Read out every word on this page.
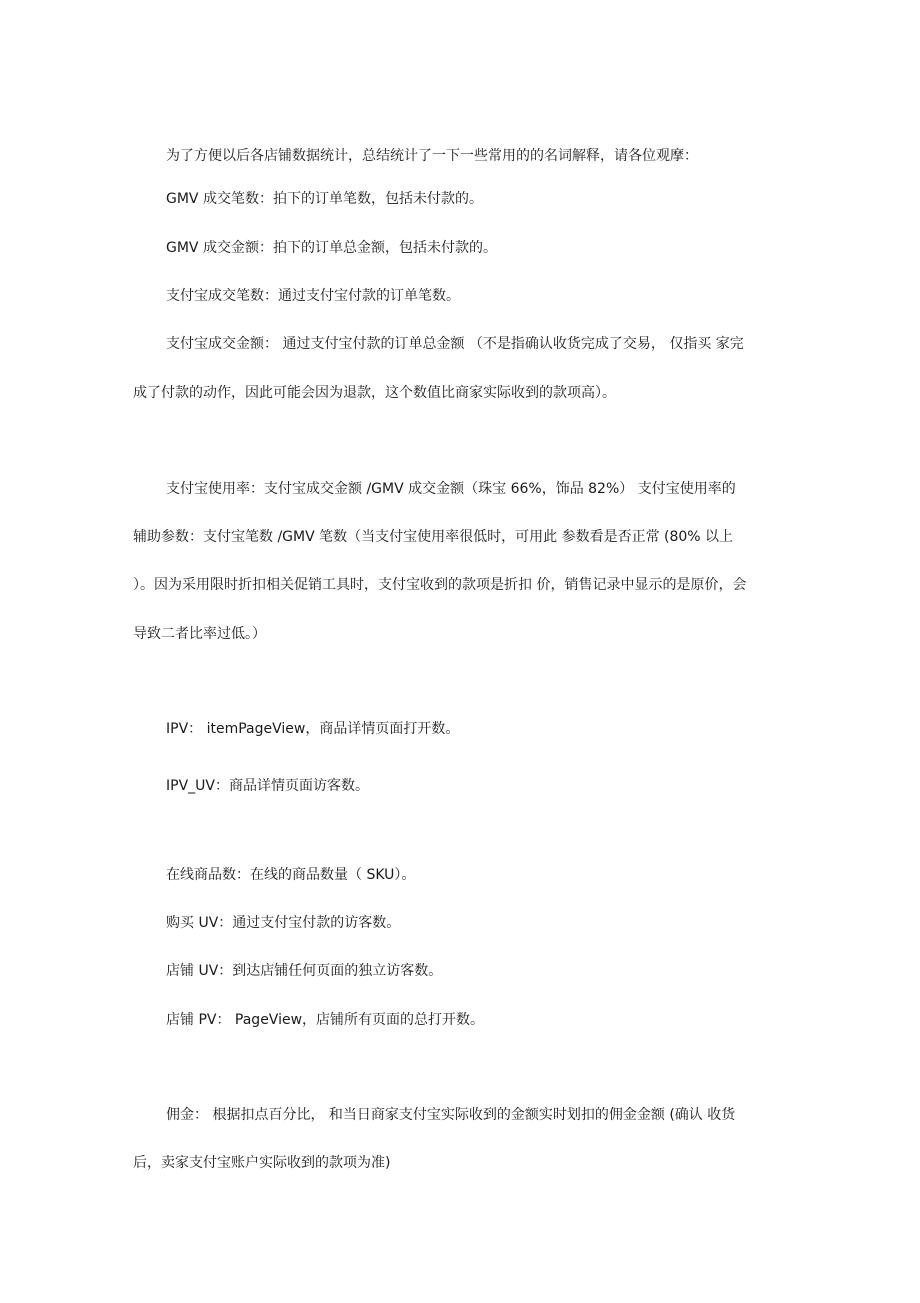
为了方便以后各店铺数据统计，总结统计了一下一些常用的的名词解释，请各位观摩：
GMV 成交笔数：拍下的订单笔数，包括未付款的。
GMV 成交金额：拍下的订单总金额，包括未付款的。
支付宝成交笔数：通过支付宝付款的订单笔数。
支付宝成交金额： 通过支付宝付款的订单总金额 （不是指确认收货完成了交易， 仅指买 家完
成了付款的动作，因此可能会因为退款，这个数值比商家实际收到的款项高）。
支付宝使用率：支付宝成交金额 /GMV 成交金额（珠宝 66%，饰品 82%） 支付宝使用率的
辅助参数：支付宝笔数 /GMV 笔数（当支付宝使用率很低时，可用此 参数看是否正常 (80% 以上
）。因为采用限时折扣相关促销工具时，支付宝收到的款项是折扣 价，销售记录中显示的是原价，会
导致二者比率过低。）
IPV： itemPageView，商品详情页面打开数。
IPV_UV：商品详情页面访客数。
在线商品数：在线的商品数量（ SKU）。
购买 UV：通过支付宝付款的访客数。
店铺 UV：到达店铺任何页面的独立访客数。
店铺 PV： PageView，店铺所有页面的总打开数。
佣金： 根据扣点百分比， 和当日商家支付宝实际收到的金额实时划扣的佣金金额 (确认 收货
后，卖家支付宝账户实际收到的款项为准)
